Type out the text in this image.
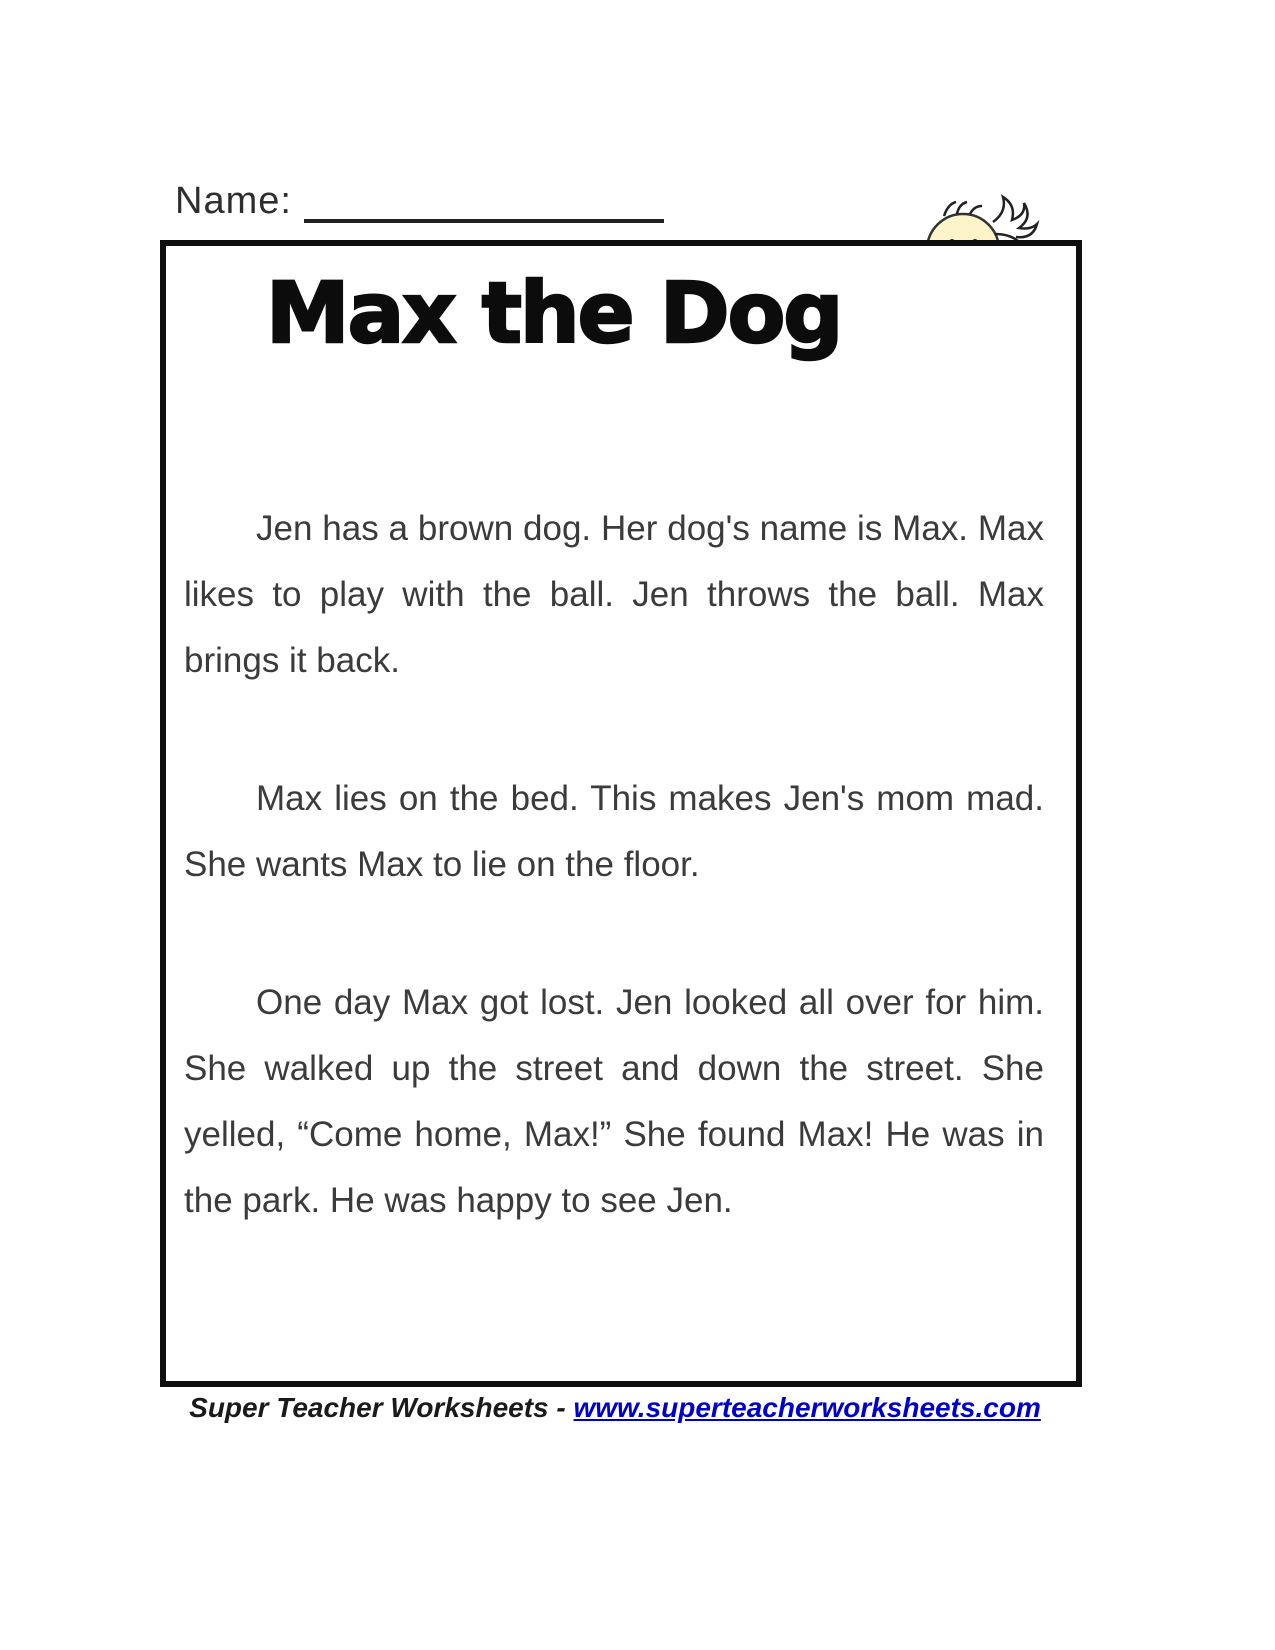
Name:
Max the Dog

Jen has a brown dog. Her dog's name is Max. Max likes to play with the ball. Jen throws the ball. Max brings it back.

Max lies on the bed. This makes Jen's mom mad. She wants Max to lie on the floor.

One day Max got lost. Jen looked all over for him. She walked up the street and down the street. She yelled, “Come home, Max!” She found Max! He was in the park. He was happy to see Jen.

Super Teacher Worksheets - www.superteacherworksheets.com
